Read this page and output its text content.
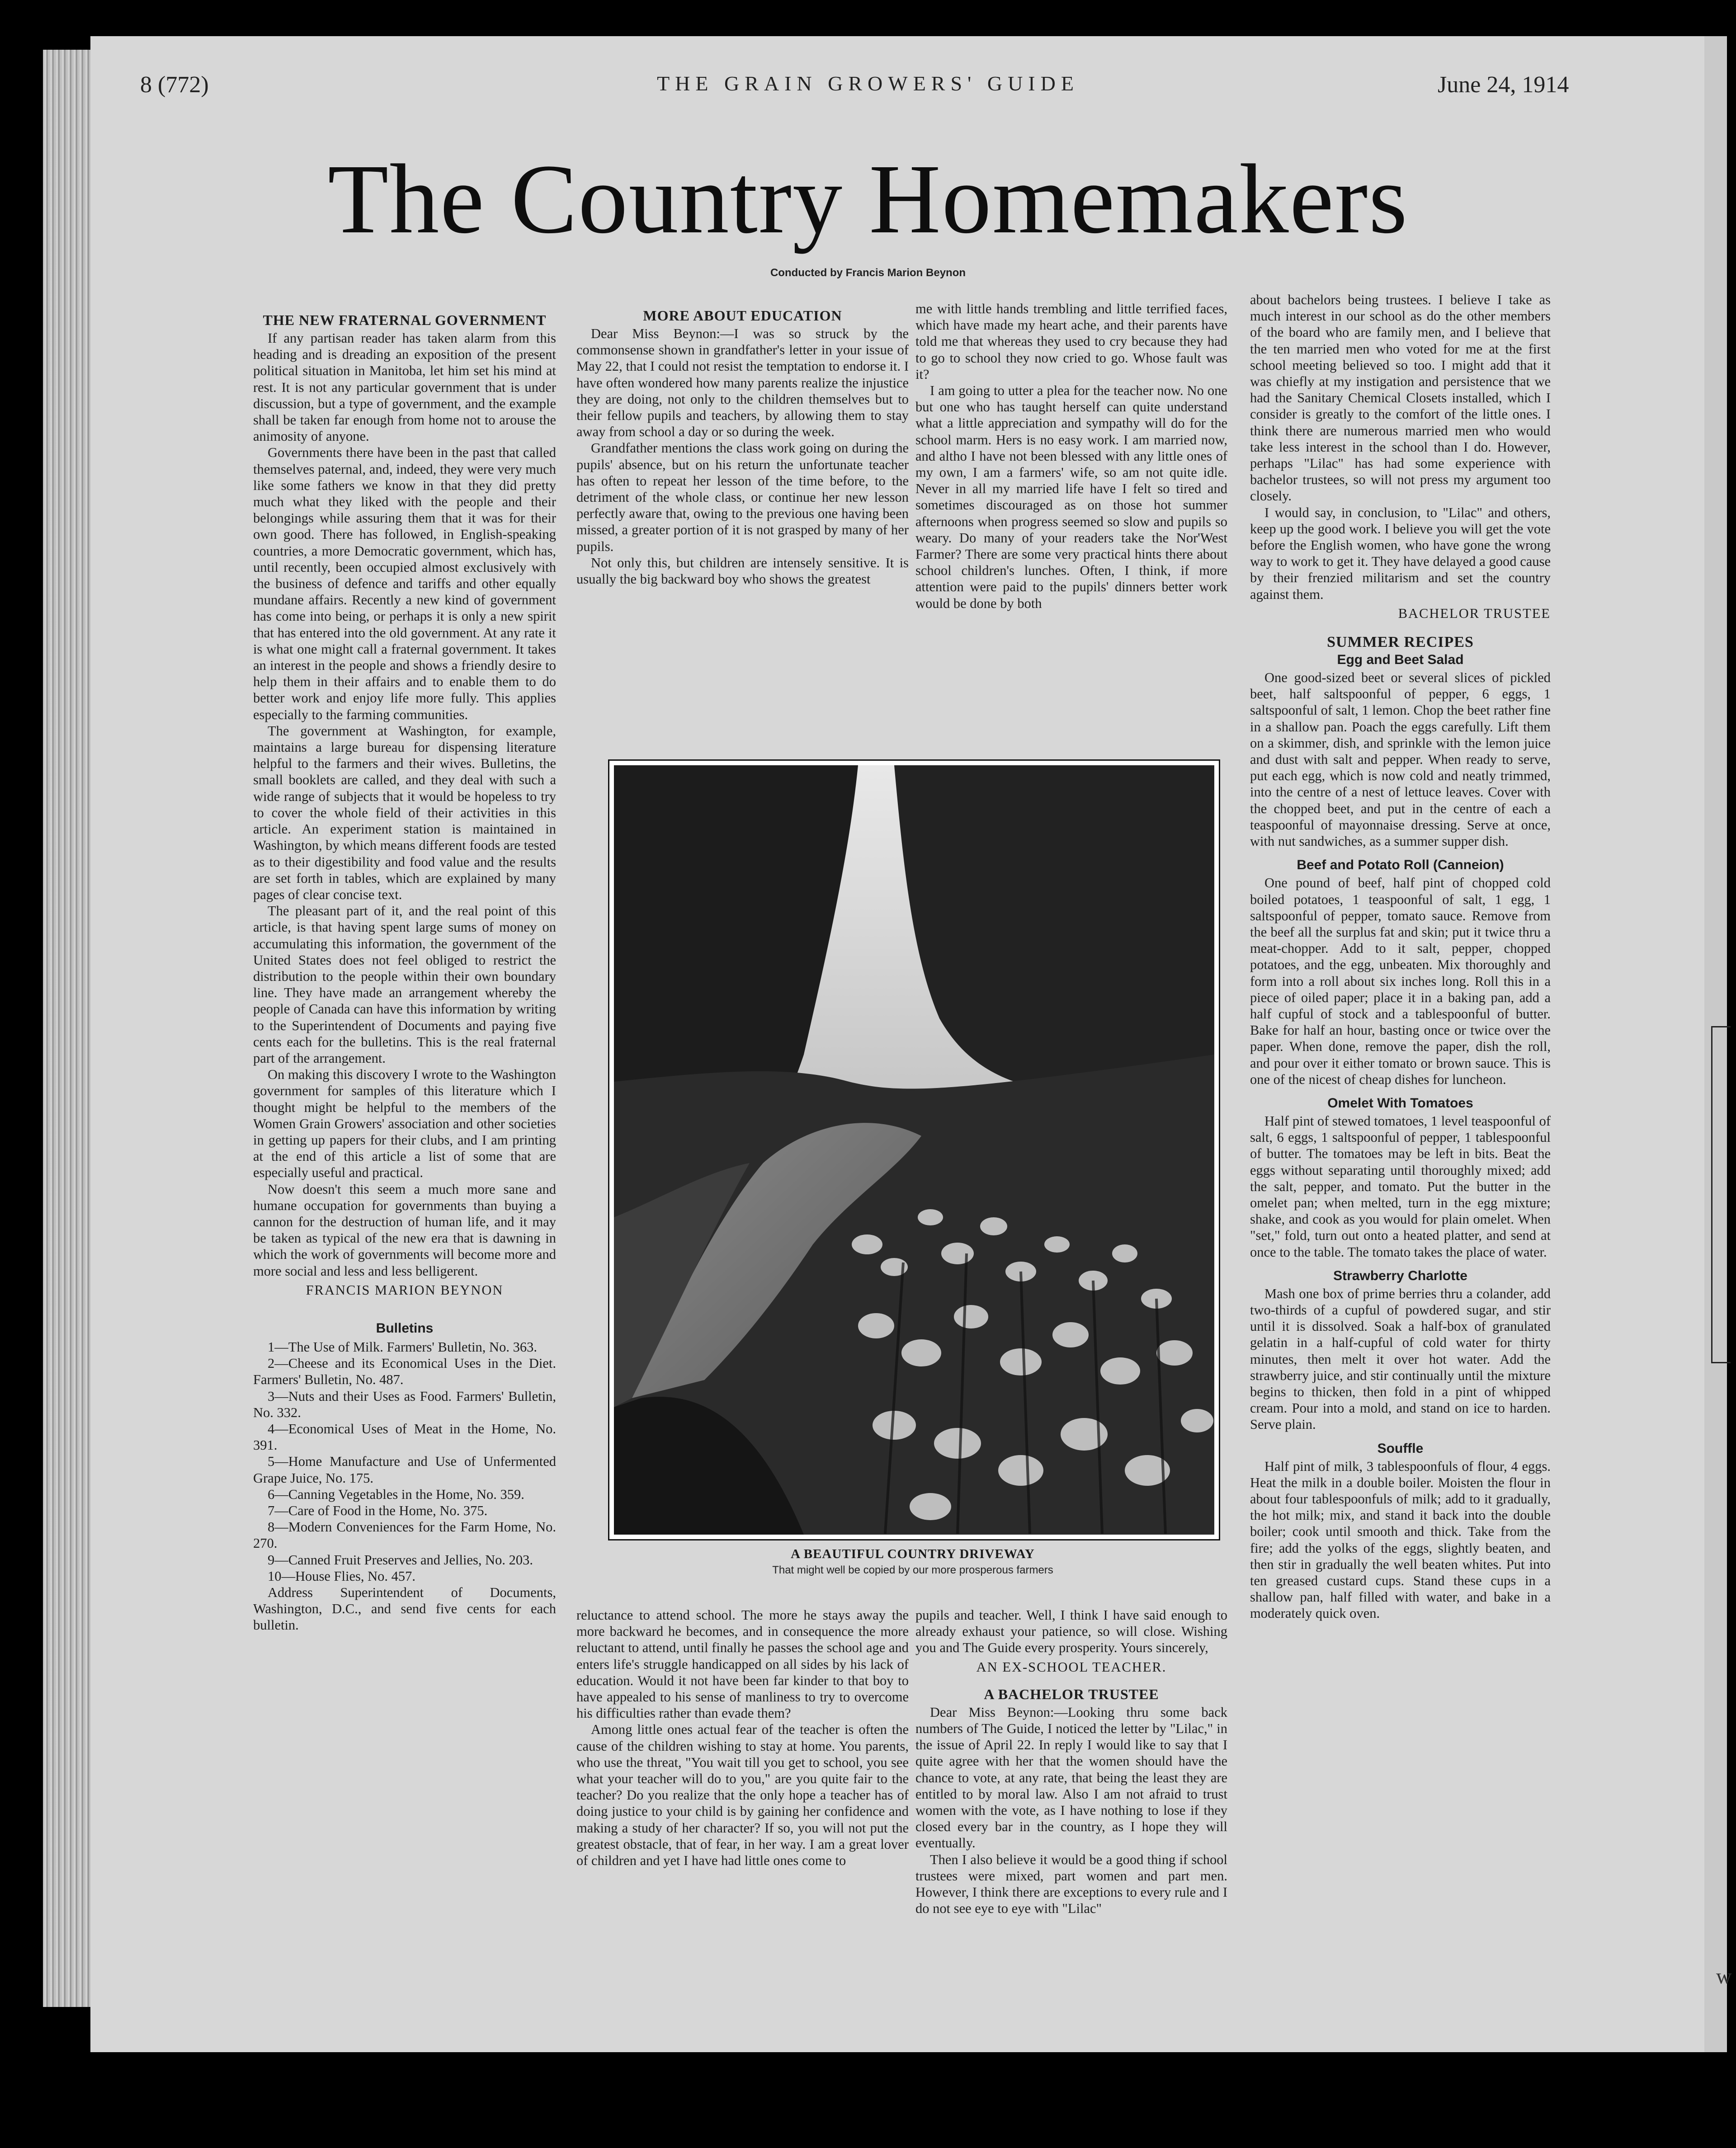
8 (772)	THE GRAIN GROWERS' GUIDE	June 24, 1914
The Country Homemakers
Conducted by Francis Marion Beynon
THE NEW FRATERNAL GOVERNMENT

If any partisan reader has taken alarm from this heading and is dreading an exposition of the present political situation in Manitoba, let him set his mind at rest. It is not any particular government that is under discussion, but a type of government, and the example shall be taken far enough from home not to arouse the animosity of anyone.

Governments there have been in the past that called themselves paternal, and, indeed, they were very much like some fathers we know in that they did pretty much what they liked with the people and their belongings while assuring them that it was for their own good. There has followed, in English-speaking countries, a more Democratic government, which has, until recently, been occupied almost exclusively with the business of defence and tariffs and other equally mundane affairs. Recently a new kind of government has come into being, or perhaps it is only a new spirit that has entered into the old government. At any rate it is what one might call a fraternal government. It takes an interest in the people and shows a friendly desire to help them in their affairs and to enable them to do better work and enjoy life more fully. This applies especially to the farming communities.

The government at Washington, for example, maintains a large bureau for dispensing literature helpful to the farmers and their wives. Bulletins, the small booklets are called, and they deal with such a wide range of subjects that it would be hopeless to try to cover the whole field of their activities in this article. An experiment station is maintained in Washington, by which means different foods are tested as to their digestibility and food value and the results are set forth in tables, which are explained by many pages of clear concise text.

The pleasant part of it, and the real point of this article, is that having spent large sums of money on accumulating this information, the government of the United States does not feel obliged to restrict the distribution to the people within their own boundary line. They have made an arrangement whereby the people of Canada can have this information by writing to the Superintendent of Documents and paying five cents each for the bulletins. This is the real fraternal part of the arrangement.

On making this discovery I wrote to the Washington government for samples of this literature which I thought might be helpful to the members of the Women Grain Growers' association and other societies in getting up papers for their clubs, and I am printing at the end of this article a list of some that are especially useful and practical.

Now doesn't this seem a much more sane and humane occupation for governments than buying a cannon for the destruction of human life, and it may be taken as typical of the new era that is dawning in which the work of governments will become more and more social and less and less belligerent.

FRANCIS MARION BEYNON

Bulletins
1—The Use of Milk. Farmers' Bulletin, No. 363.
2—Cheese and its Economical Uses in the Diet. Farmers' Bulletin, No. 487.
3—Nuts and their Uses as Food. Farmers' Bulletin, No. 332.
4—Economical Uses of Meat in the Home, No. 391.
5—Home Manufacture and Use of Unfermented Grape Juice, No. 175.
6—Canning Vegetables in the Home, No. 359.
7—Care of Food in the Home, No. 375.
8—Modern Conveniences for the Farm Home, No. 270.
9—Canned Fruit Preserves and Jellies, No. 203.
10—House Flies, No. 457.

Address Superintendent of Documents, Washington, D.C., and send five cents for each bulletin.

MORE ABOUT EDUCATION

Dear Miss Beynon:—I was so struck by the commonsense shown in grandfather's letter in your issue of May 22, that I could not resist the temptation to endorse it. I have often wondered how many parents realize the injustice they are doing, not only to the children themselves but to their fellow pupils and teachers, by allowing them to stay away from school a day or so during the week.

Grandfather mentions the class work going on during the pupils' absence, but on his return the unfortunate teacher has often to repeat her lesson of the time before, to the detriment of the whole class, or continue her new lesson perfectly aware that, owing to the previous one having been missed, a greater portion of it is not grasped by many of her pupils.

Not only this, but children are intensely sensitive. It is usually the big backward boy who shows the greatest

me with little hands trembling and little terrified faces, which have made my heart ache, and their parents have told me that whereas they used to cry because they had to go to school they now cried to go. Whose fault was it?

I am going to utter a plea for the teacher now. No one but one who has taught herself can quite understand what a little appreciation and sympathy will do for the school marm. Hers is no easy work. I am married now, and altho I have not been blessed with any little ones of my own, I am a farmers' wife, so am not quite idle. Never in all my married life have I felt so tired and sometimes discouraged as on those hot summer afternoons when progress seemed so slow and pupils so weary. Do many of your readers take the Nor'West Farmer? There are some very practical hints there about school children's lunches. Often, I think, if more attention were paid to the pupils' dinners better work would be done by both

A BEAUTIFUL COUNTRY DRIVEWAY
That might well be copied by our more prosperous farmers

reluctance to attend school. The more he stays away the more backward he becomes, and in consequence the more reluctant to attend, until finally he passes the school age and enters life's struggle handicapped on all sides by his lack of education. Would it not have been far kinder to that boy to have appealed to his sense of manliness to try to overcome his difficulties rather than evade them?

Among little ones actual fear of the teacher is often the cause of the children wishing to stay at home. You parents, who use the threat, "You wait till you get to school, you see what your teacher will do to you," are you quite fair to the teacher? Do you realize that the only hope a teacher has of doing justice to your child is by gaining her confidence and making a study of her character? If so, you will not put the greatest obstacle, that of fear, in her way. I am a great lover of children and yet I have had little ones come to

pupils and teacher. Well, I think I have said enough to already exhaust your patience, so will close. Wishing you and The Guide every prosperity. Yours sincerely,

AN EX-SCHOOL TEACHER.

A BACHELOR TRUSTEE

Dear Miss Beynon:—Looking thru some back numbers of The Guide, I noticed the letter by "Lilac," in the issue of April 22. In reply I would like to say that I quite agree with her that the women should have the chance to vote, at any rate, that being the least they are entitled to by moral law. Also I am not afraid to trust women with the vote, as I have nothing to lose if they closed every bar in the country, as I hope they will eventually.

Then I also believe it would be a good thing if school trustees were mixed, part women and part men. However, I think there are exceptions to every rule and I do not see eye to eye with "Lilac"

about bachelors being trustees. I believe I take as much interest in our school as do the other members of the board who are family men, and I believe that the ten married men who voted for me at the first school meeting believed so too. I might add that it was chiefly at my instigation and persistence that we had the Sanitary Chemical Closets installed, which I consider is greatly to the comfort of the little ones. I think there are numerous married men who would take less interest in the school than I do. However, perhaps "Lilac" has had some experience with bachelor trustees, so will not press my argument too closely.

I would say, in conclusion, to "Lilac" and others, keep up the good work. I believe you will get the vote before the English women, who have gone the wrong way to work to get it. They have delayed a good cause by their frenzied militarism and set the country against them.

BACHELOR TRUSTEE

SUMMER RECIPES
Egg and Beet Salad

One good-sized beet or several slices of pickled beet, half saltspoonful of pepper, 6 eggs, 1 saltspoonful of salt, 1 lemon. Chop the beet rather fine in a shallow pan. Poach the eggs carefully. Lift them on a skimmer, dish, and sprinkle with the lemon juice and dust with salt and pepper. When ready to serve, put each egg, which is now cold and neatly trimmed, into the centre of a nest of lettuce leaves. Cover with the chopped beet, and put in the centre of each a teaspoonful of mayonnaise dressing. Serve at once, with nut sandwiches, as a summer supper dish.

Beef and Potato Roll (Canneion)

One pound of beef, half pint of chopped cold boiled potatoes, 1 teaspoonful of salt, 1 egg, 1 saltspoonful of pepper, tomato sauce. Remove from the beef all the surplus fat and skin; put it twice thru a meat-chopper. Add to it salt, pepper, chopped potatoes, and the egg, unbeaten. Mix thoroughly and form into a roll about six inches long. Roll this in a piece of oiled paper; place it in a baking pan, add a half cupful of stock and a tablespoonful of butter. Bake for half an hour, basting once or twice over the paper. When done, remove the paper, dish the roll, and pour over it either tomato or brown sauce. This is one of the nicest of cheap dishes for luncheon.

Omelet With Tomatoes

Half pint of stewed tomatoes, 1 level teaspoonful of salt, 6 eggs, 1 saltspoonful of pepper, 1 tablespoonful of butter. The tomatoes may be left in bits. Beat the eggs without separating until thoroughly mixed; add the salt, pepper, and tomato. Put the butter in the omelet pan; when melted, turn in the egg mixture; shake, and cook as you would for plain omelet. When "set," fold, turn out onto a heated platter, and send at once to the table. The tomato takes the place of water.

Strawberry Charlotte

Mash one box of prime berries thru a colander, add two-thirds of a cupful of powdered sugar, and stir until it is dissolved. Soak a half-box of granulated gelatin in a half-cupful of cold water for thirty minutes, then melt it over hot water. Add the strawberry juice, and stir continually until the mixture begins to thicken, then fold in a pint of whipped cream. Pour into a mold, and stand on ice to harden. Serve plain.

Souffle

Half pint of milk, 3 tablespoonfuls of flour, 4 eggs. Heat the milk in a double boiler. Moisten the flour in about four tablespoonfuls of milk; add to it gradually, the hot milk; mix, and stand it back into the double boiler; cook until smooth and thick. Take from the fire; add the yolks of the eggs, slightly beaten, and then stir in gradually the well beaten whites. Put into ten greased custard cups. Stand these cups in a shallow pan, half filled with water, and bake in a moderately quick oven.

w
